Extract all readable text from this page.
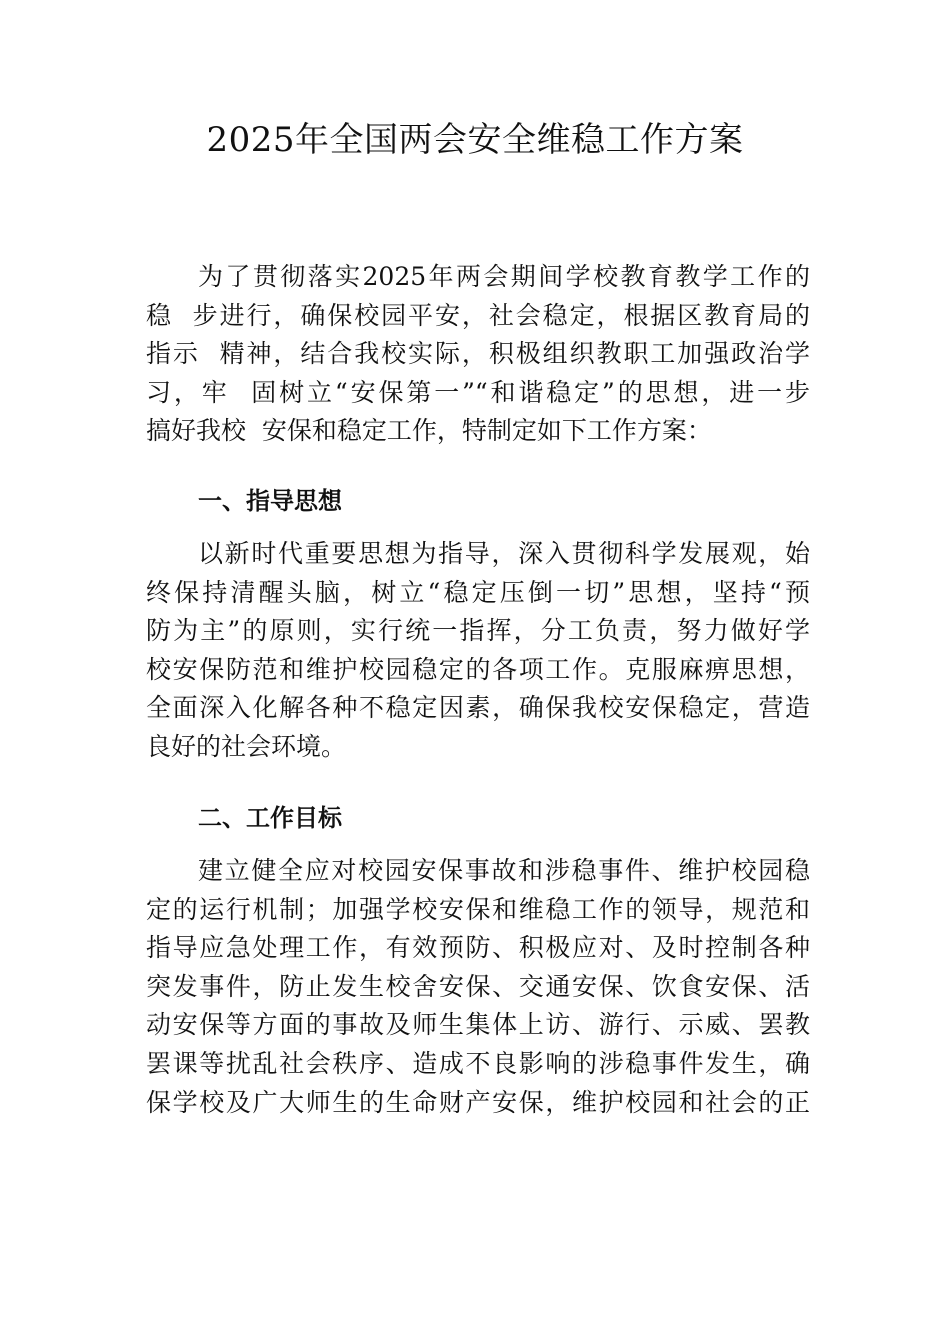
2025年全国两会安全维稳工作方案
为了贯彻落实2025年两会期间学校教育教学工作的
稳  步进行，确保校园平安，社会稳定，根据区教育局的
指示  精神，结合我校实际，积极组织教职工加强政治学
习，牢  固树立“安保第一”“和谐稳定”的思想，进一步
搞好我校  安保和稳定工作，特制定如下工作方案：
一、指导思想
以新时代重要思想为指导，深入贯彻科学发展观，始
终保持清醒头脑，树立“稳定压倒一切”思想，坚持“预
防为主”的原则，实行统一指挥，分工负责，努力做好学
校安保防范和维护校园稳定的各项工作。克服麻痹思想，
全面深入化解各种不稳定因素，确保我校安保稳定，营造
良好的社会环境。
二、工作目标
建立健全应对校园安保事故和涉稳事件、维护校园稳
定的运行机制；加强学校安保和维稳工作的领导，规范和
指导应急处理工作，有效预防、积极应对、及时控制各种
突发事件，防止发生校舍安保、交通安保、饮食安保、活
动安保等方面的事故及师生集体上访、游行、示威、罢教
罢课等扰乱社会秩序、造成不良影响的涉稳事件发生，确
保学校及广大师生的生命财产安保，维护校园和社会的正
